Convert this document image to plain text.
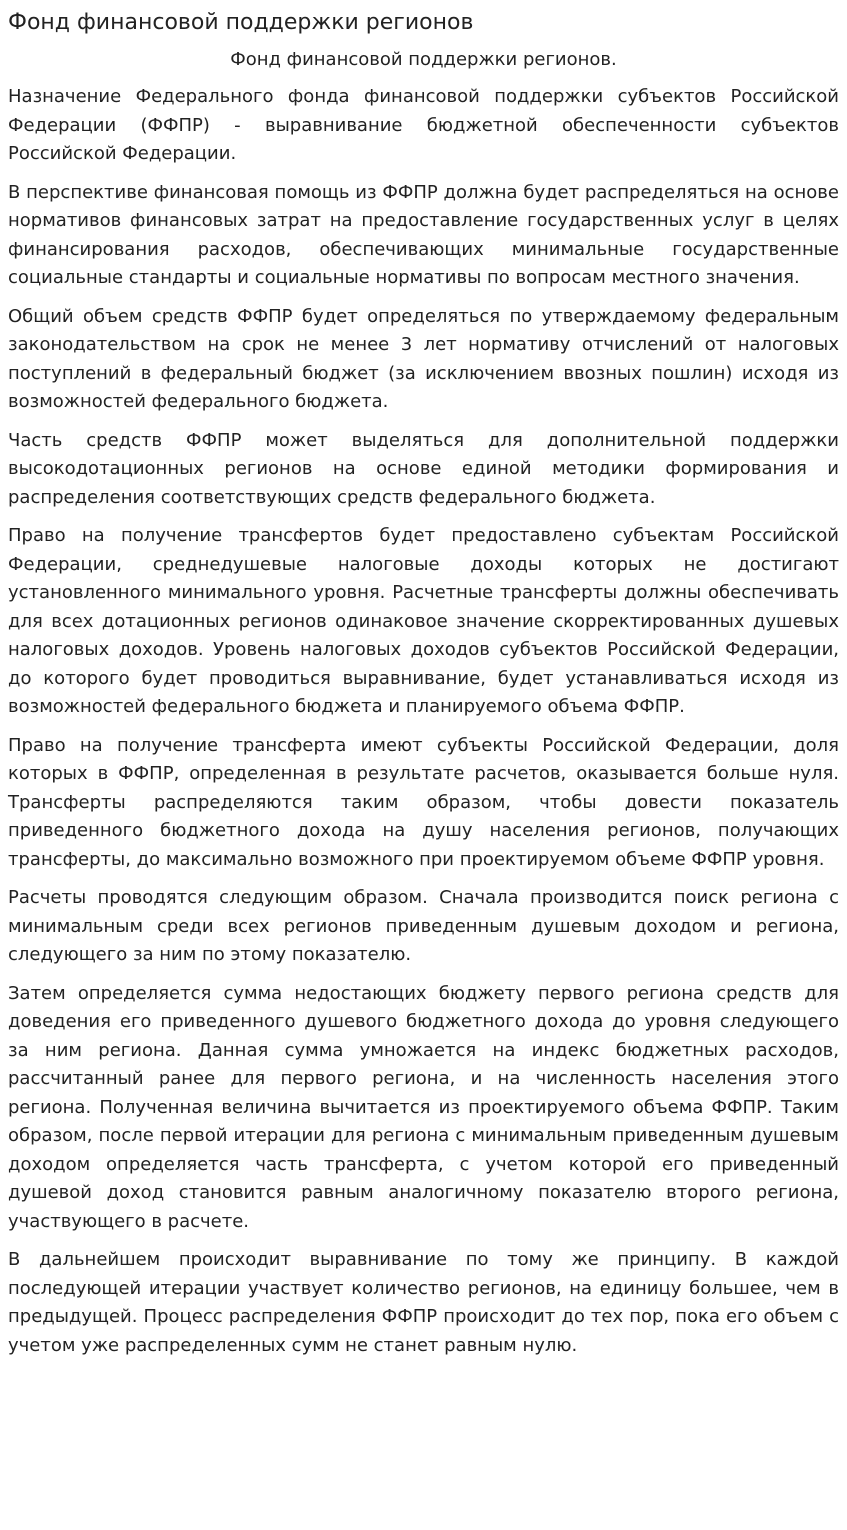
Фонд финансовой поддержки регионов
Фонд финансовой поддержки регионов.

Назначение Федерального фонда финансовой поддержки субъектов Российской Федерации (ФФПР) - выравнивание бюджетной обеспеченности субъектов Российской Федерации.

В перспективе финансовая помощь из ФФПР должна будет распределяться на основе нормативов финансовых затрат на предоставление государственных услуг в целях финансирования расходов, обеспечивающих минимальные государственные социальные стандарты и социальные нормативы по вопросам местного значения.

Общий объем средств ФФПР будет определяться по утверждаемому федеральным законодательством на срок не менее 3 лет нормативу отчислений от налоговых поступлений в федеральный бюджет (за исключением ввозных пошлин) исходя из возможностей федерального бюджета.

Часть средств ФФПР может выделяться для дополнительной поддержки высокодотационных регионов на основе единой методики формирования и распределения соответствующих средств федерального бюджета.

Право на получение трансфертов будет предоставлено субъектам Российской Федерации, среднедушевые налоговые доходы которых не достигают установленного минимального уровня. Расчетные трансферты должны обеспечивать для всех дотационных регионов одинаковое значение скорректированных душевых налоговых доходов. Уровень налоговых доходов субъектов Российской Федерации, до которого будет проводиться выравнивание, будет устанавливаться исходя из возможностей федерального бюджета и планируемого объема ФФПР.

Право на получение трансферта имеют субъекты Российской Федерации, доля которых в ФФПР, определенная в результате расчетов, оказывается больше нуля. Трансферты распределяются таким образом, чтобы довести показатель приведенного бюджетного дохода на душу населения регионов, получающих трансферты, до максимально возможного при проектируемом объеме ФФПР уровня.

Расчеты проводятся следующим образом. Сначала производится поиск региона с минимальным среди всех регионов приведенным душевым доходом и региона, следующего за ним по этому показателю.

Затем определяется сумма недостающих бюджету первого региона средств для доведения его приведенного душевого бюджетного дохода до уровня следующего за ним региона. Данная сумма умножается на индекс бюджетных расходов, рассчитанный ранее для первого региона, и на численность населения этого региона. Полученная величина вычитается из проектируемого объема ФФПР. Таким образом, после первой итерации для региона с минимальным приведенным душевым доходом определяется часть трансферта, с учетом которой его приведенный душевой доход становится равным аналогичному показателю второго региона, участвующего в расчете.

В дальнейшем происходит выравнивание по тому же принципу. В каждой последующей итерации участвует количество регионов, на единицу большее, чем в предыдущей. Процесс распределения ФФПР происходит до тех пор, пока его объем с учетом уже распределенных сумм не станет равным нулю.
